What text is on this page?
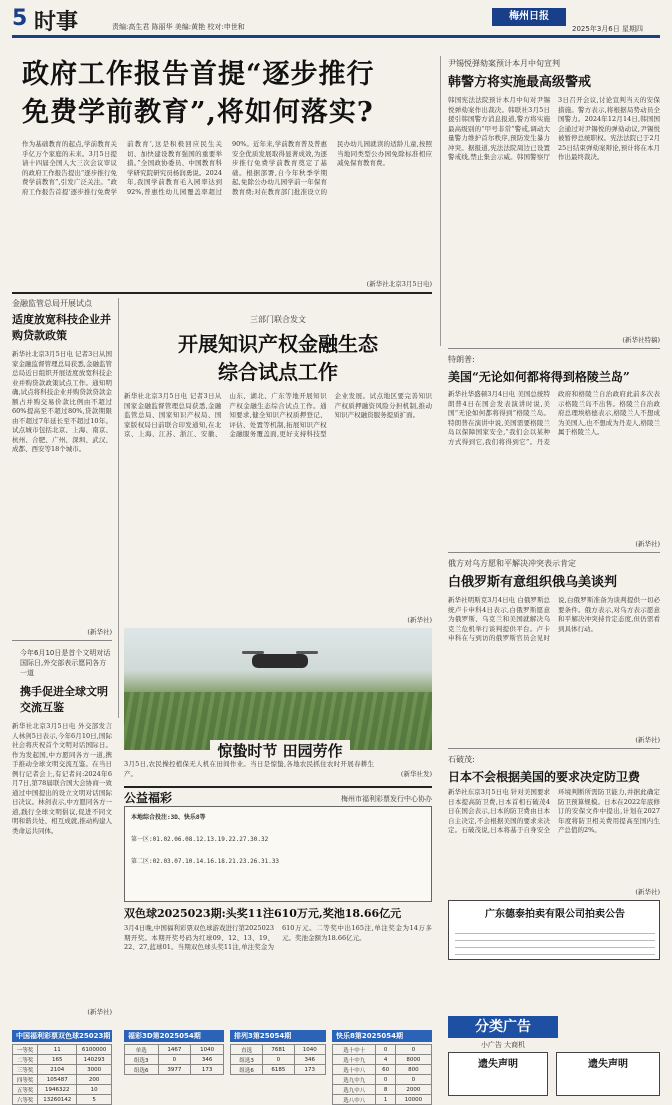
5 时事	责编:高生君 陈丽华 美编:黄艳 校对:申世和
梅州日报
2025年3月6日 星期四
政府工作报告首提“逐步推行
免费学前教育”,将如何落实?
作为基础教育的起点,学前教育关乎亿万个家庭的未来。3月5日提请十四届全国人大三次会议审议的政府工作报告提出“逐步推行免费学前教育”,引发广泛关注。“政府工作报告首提‘逐步推行免费学前教育’,这是积极回应民生关切、加快建设教育强国的重要举措。”全国政协委员、中国教育科学研究院研究员杨润勇说。2024年,我国学前教育毛入园率达到92%,普惠性幼儿园覆盖率超过90%。近年来,学前教育普及普惠安全优质发展取得显著成效,为逐步推行免费学前教育奠定了基础。根据部署,自今年秋季学期起,免除公办幼儿园学前一年保育教育费;对在教育部门批准设立的民办幼儿园就读的适龄儿童,按照当地同类型公办园免除标准相应减免保育教育费。
(新华社北京3月5日电)
尹锡悦弹劾案预计本月中旬宣判
韩警方将实施最高级警戒
韩国宪法法院预计本月中旬对尹锡悦弹劾案作出裁决。韩联社3月5日援引韩国警方消息报道,警方将实施最高级别的“甲号非常”警戒,调动大量警力维护首尔秩序,预防发生暴力冲突。据报道,宪法法院周边已设置警戒线,禁止集会示威。韩国警察厅3日召开会议,讨论宣判当天的安保措施。警方表示,将根据局势动员全国警力。2024年12月14日,韩国国会通过对尹锡悦的弹劾动议,尹锡悦被暂停总统职权。宪法法院已于2月25日结束弹劾案辩论,预计将在本月作出最终裁决。
(新华社特稿)
特朗普:
美国“无论如何都将得到格陵兰岛”
新华社华盛顿3月4日电 美国总统特朗普4日在国会发表演讲时说,美国“无论如何都将得到”格陵兰岛。特朗普在演讲中说,美国需要格陵兰岛以保障国家安全,“我们会以某种方式得到它,我们将得到它”。丹麦政府和格陵兰自治政府此前多次表示格陵兰岛不出售。格陵兰自治政府总理埃格德表示,格陵兰人不想成为美国人,也不想成为丹麦人,格陵兰属于格陵兰人。
(新华社)
俄方对乌方愿和平解决冲突表示肯定
白俄罗斯有意组织俄乌美谈判
新华社明斯克3月4日电 白俄罗斯总统卢卡申科4日表示,白俄罗斯愿意为俄罗斯、乌克兰和美国就解决乌克兰危机举行谈判提供平台。卢卡申科在与到访的俄罗斯官员会见时说,白俄罗斯准备为谈判提供一切必要条件。俄方表示,对乌方表示愿意和平解决冲突持肯定态度,但仍需看到具体行动。
(新华社)
石破茂:
日本不会根据美国的要求决定防卫费
新华社东京3月5日电 针对美国要求日本提高防卫费,日本首相石破茂4日在国会表示,日本的防卫费由日本自主决定,不会根据美国的要求来决定。石破茂说,日本将基于自身安全环境判断所需防卫能力,并据此确定防卫预算规模。日本在2022年底修订的安保文件中提出,计划在2027年度将防卫相关费用提高至国内生产总值的2%。
(新华社)
金融监管总局开展试点
适度放宽科技企业并购贷款政策
新华社北京3月5日电 记者3日从国家金融监督管理总局获悉,金融监管总局近日组织开展适度放宽科技企业并购贷款政策试点工作。通知明确,试点将科技企业并购贷款贷款金额占并购交易价款比例由不超过60%提高至不超过80%,贷款期限由不超过7年延长至不超过10年。试点城市包括北京、上海、南京、杭州、合肥、广州、深圳、武汉、成都、西安等18个城市。
(新华社)
三部门联合发文
开展知识产权金融生态
综合试点工作
新华社北京3月5日电 记者3日从国家金融监督管理总局获悉,金融监管总局、国家知识产权局、国家版权局日前联合印发通知,在北京、上海、江苏、浙江、安徽、山东、湖北、广东等地开展知识产权金融生态综合试点工作。通知要求,健全知识产权质押登记、评估、处置等机制,拓展知识产权金融服务覆盖面,更好支持科技型企业发展。试点地区要完善知识产权质押融资风险分担机制,推动知识产权融资服务提质扩面。
(新华社)
惊蛰时节 田园劳作
3月5日,农民操控植保无人机在田间作业。当日是惊蛰,各地农民抓住农时开展春耕生产。	(新华社发)
今年6月10日是首个文明对话国际日,外交部表示愿同各方一道
携手促进全球文明交流互鉴
新华社北京3月5日电 外交部发言人林剑5日表示,今年6月10日,国际社会将庆祝首个文明对话国际日。作为发起国,中方愿同各方一道,携手推动全球文明交流互鉴。在当日例行记者会上,有记者问:2024年6月7日,第78届联合国大会协商一致通过中国提出的设立文明对话国际日决议。林剑表示,中方愿同各方一道,践行全球文明倡议,促进不同文明和谐共处、相互成就,推动构建人类命运共同体。
(新华社)
公益福彩	梅州市福利彩票发行中心协办
本地综合投注:3D、快乐8等
第一区:01.02.06.08.12.13.19.22.27.30.32
第二区:02.03.07.10.14.16.18.21.23.26.31.33
双色球2025023期:头奖11注610万元,奖池18.66亿元
3月4日晚,中国福利彩票双色球游戏进行第2025023期开奖。本期开奖号码为红球09、12、13、19、22、27,蓝球01。当期双色球头奖11注,单注奖金为610万元。二等奖中出165注,单注奖金为14万多元。奖池金额为18.66亿元。
广东德泰拍卖有限公司拍卖公告
分类广告
小广告 大商机
遗失声明	遗失声明
中国福利彩票双色球25023期
一等奖	11	6100000
二等奖	165	140293
三等奖	2104	3000
四等奖	105487	200
五等奖	1946322	10
六等奖	13260142	5
福彩3D第2025054期
单选	1467	1040
组选3	0	346
组选6	3977	173
排列3第25054期
直选	7681	1040
组选3	0	346
组选6	6185	173
快乐8第2025054期
选十中十	0	0
选十中九	4	8000
选十中八	60	800
选九中九	0	0
选九中八	8	2000
选八中八	1	10000
